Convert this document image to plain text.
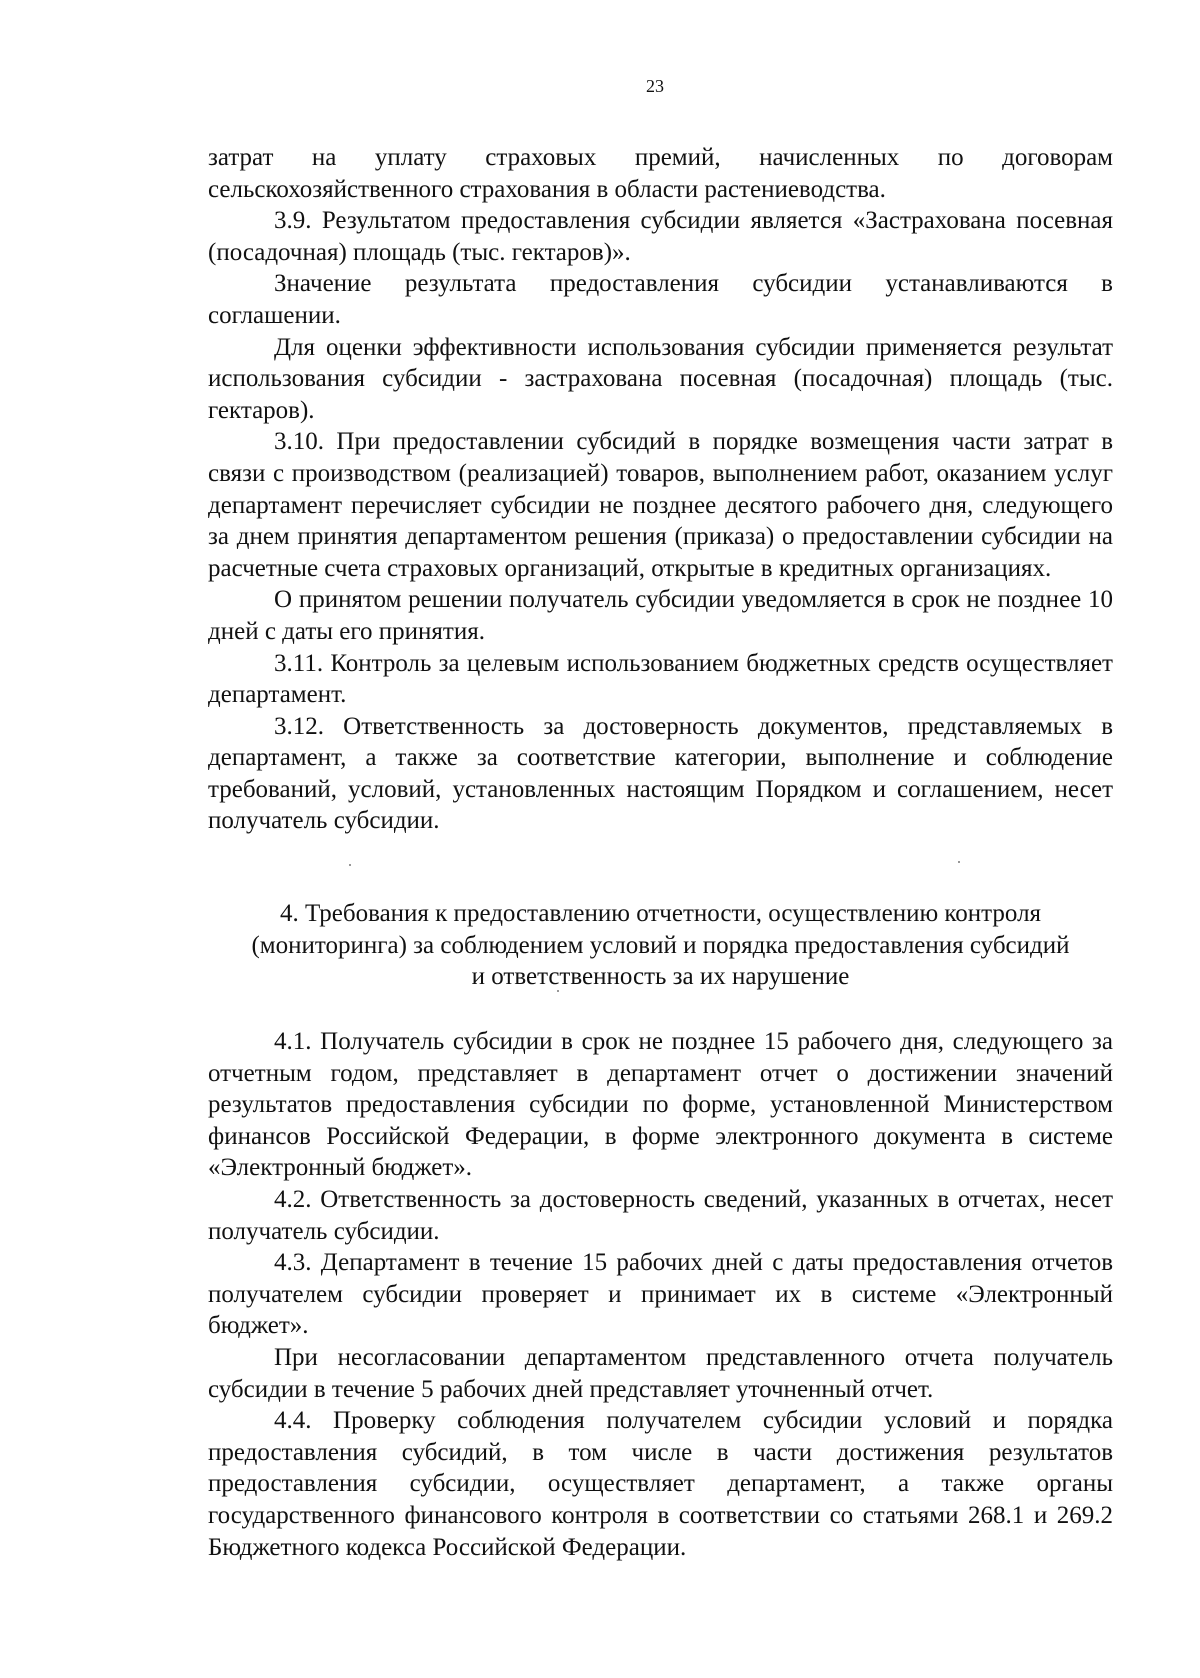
23

затрат на уплату страховых премий, начисленных по договорам сельскохозяйственного страхования в области растениеводства.

3.9. Результатом предоставления субсидии является «Застрахована посевная (посадочная) площадь (тыс. гектаров)».

Значение результата предоставления субсидии устанавливаются в соглашении.

Для оценки эффективности использования субсидии применяется результат использования субсидии - застрахована посевная (посадочная) площадь (тыс. гектаров).

3.10. При предоставлении субсидий в порядке возмещения части затрат в связи с производством (реализацией) товаров, выполнением работ, оказанием услуг департамент перечисляет субсидии не позднее десятого рабочего дня, следующего за днем принятия департаментом решения (приказа) о предоставлении субсидии на расчетные счета страховых организаций, открытые в кредитных организациях.

О принятом решении получатель субсидии уведомляется в срок не позднее 10 дней с даты его принятия.

3.11. Контроль за целевым использованием бюджетных средств осуществляет департамент.

3.12. Ответственность за достоверность документов, представляемых в департамент, а также за соответствие категории, выполнение и соблюдение требований, условий, установленных настоящим Порядком и соглашением, несет получатель субсидии.

4. Требования к предоставлению отчетности, осуществлению контроля
(мониторинга) за соблюдением условий и порядка предоставления субсидий
и ответственность за их нарушение

4.1. Получатель субсидии в срок не позднее 15 рабочего дня, следующего за отчетным годом, представляет в департамент отчет о достижении значений результатов предоставления субсидии по форме, установленной Министерством финансов Российской Федерации, в форме электронного документа в системе «Электронный бюджет».

4.2. Ответственность за достоверность сведений, указанных в отчетах, несет получатель субсидии.

4.3. Департамент в течение 15 рабочих дней с даты предоставления отчетов получателем субсидии проверяет и принимает их в системе «Электронный бюджет».

При несогласовании департаментом представленного отчета получатель субсидии в течение 5 рабочих дней представляет уточненный отчет.

4.4. Проверку соблюдения получателем субсидии условий и порядка предоставления субсидий, в том числе в части достижения результатов предоставления субсидии, осуществляет департамент, а также органы государственного финансового контроля в соответствии со статьями 268.1 и 269.2 Бюджетного кодекса Российской Федерации.
